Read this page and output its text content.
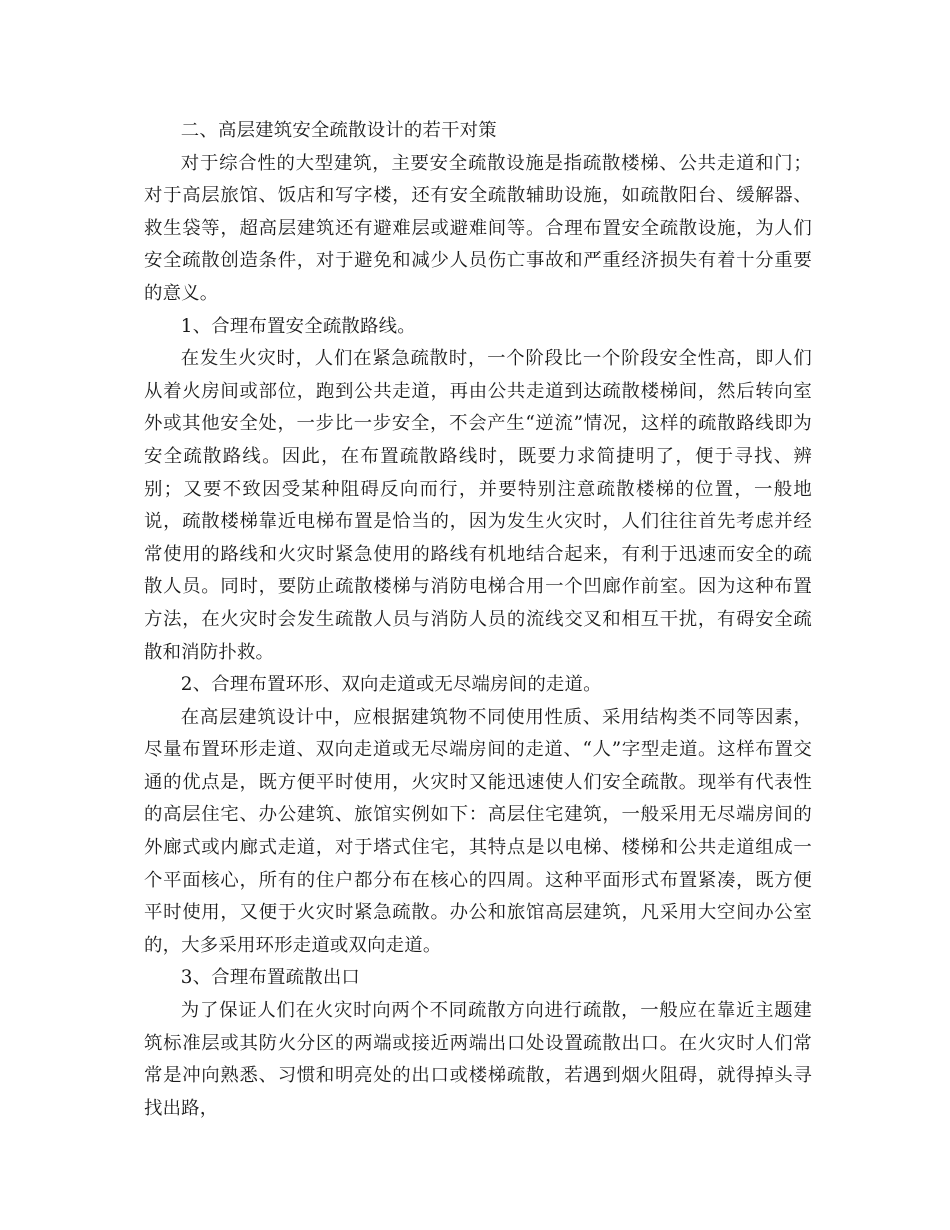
二、高层建筑安全疏散设计的若干对策

对于综合性的大型建筑，主要安全疏散设施是指疏散楼梯、公共走道和门；对于高层旅馆、饭店和写字楼，还有安全疏散辅助设施，如疏散阳台、缓解器、救生袋等，超高层建筑还有避难层或避难间等。合理布置安全疏散设施，为人们安全疏散创造条件，对于避免和减少人员伤亡事故和严重经济损失有着十分重要的意义。

1、合理布置安全疏散路线。

在发生火灾时，人们在紧急疏散时，一个阶段比一个阶段安全性高，即人们从着火房间或部位，跑到公共走道，再由公共走道到达疏散楼梯间，然后转向室外或其他安全处，一步比一步安全，不会产生“逆流”情况，这样的疏散路线即为安全疏散路线。因此，在布置疏散路线时，既要力求简捷明了，便于寻找、辨别；又要不致因受某种阻碍反向而行，并要特别注意疏散楼梯的位置，一般地说，疏散楼梯靠近电梯布置是恰当的，因为发生火灾时，人们往往首先考虑并经常使用的路线和火灾时紧急使用的路线有机地结合起来，有利于迅速而安全的疏散人员。同时，要防止疏散楼梯与消防电梯合用一个凹廊作前室。因为这种布置方法，在火灾时会发生疏散人员与消防人员的流线交叉和相互干扰，有碍安全疏散和消防扑救。

2、合理布置环形、双向走道或无尽端房间的走道。

在高层建筑设计中，应根据建筑物不同使用性质、采用结构类不同等因素，尽量布置环形走道、双向走道或无尽端房间的走道、“人”字型走道。这样布置交通的优点是，既方便平时使用，火灾时又能迅速使人们安全疏散。现举有代表性的高层住宅、办公建筑、旅馆实例如下：高层住宅建筑，一般采用无尽端房间的外廊式或内廊式走道，对于塔式住宅，其特点是以电梯、楼梯和公共走道组成一个平面核心，所有的住户都分布在核心的四周。这种平面形式布置紧凑，既方便平时使用，又便于火灾时紧急疏散。办公和旅馆高层建筑，凡采用大空间办公室的，大多采用环形走道或双向走道。

3、合理布置疏散出口

为了保证人们在火灾时向两个不同疏散方向进行疏散，一般应在靠近主题建筑标准层或其防火分区的两端或接近两端出口处设置疏散出口。在火灾时人们常常是冲向熟悉、习惯和明亮处的出口或楼梯疏散，若遇到烟火阻碍，就得掉头寻找出路，
